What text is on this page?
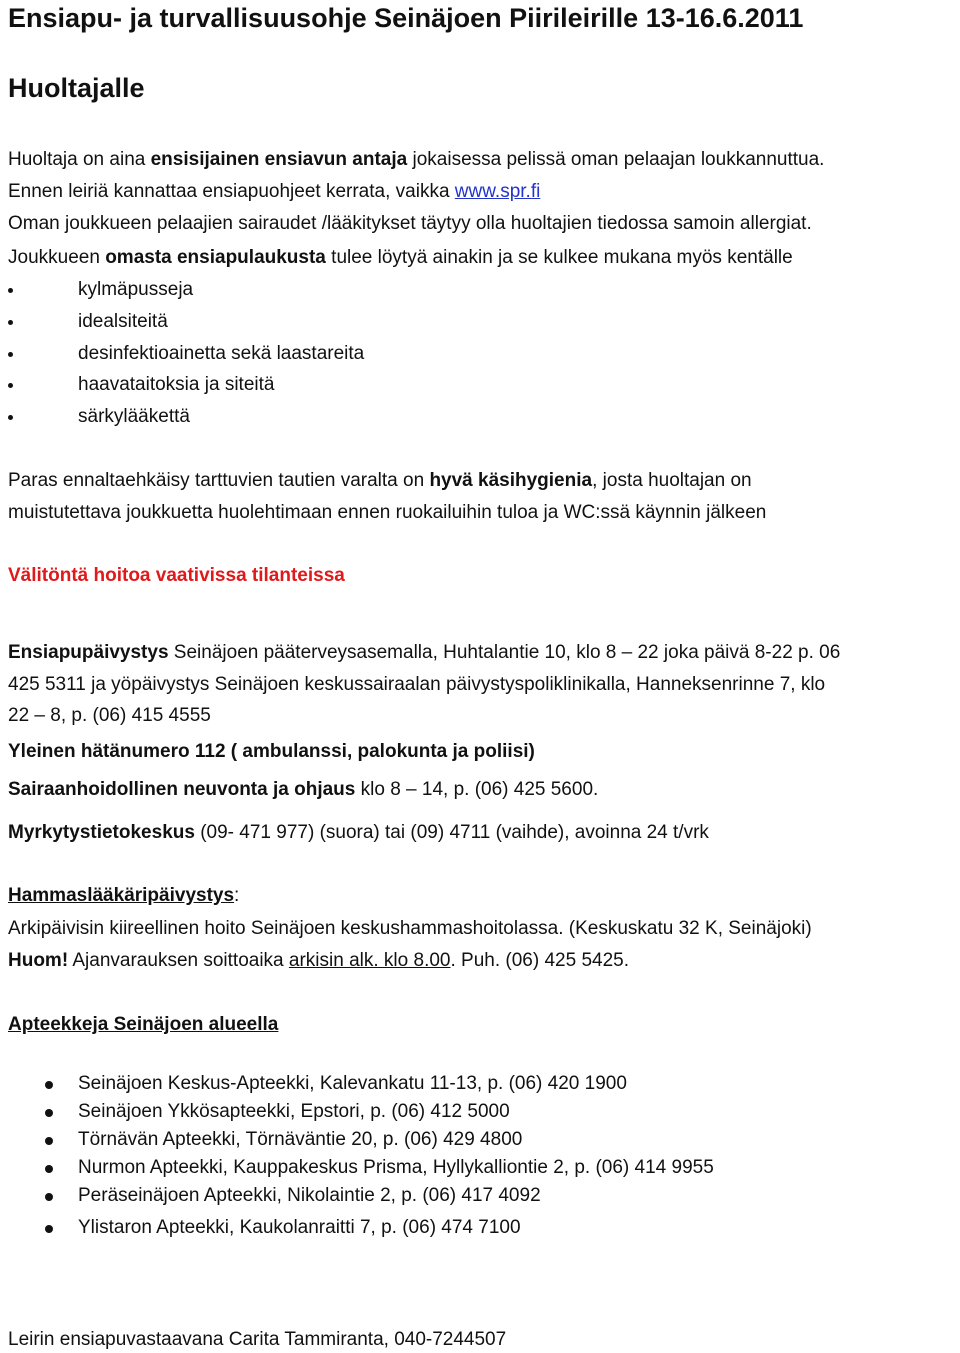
Ensiapu- ja turvallisuusohje Seinäjoen Piirileirille 13-16.6.2011
Huoltajalle
Huoltaja on aina ensisijainen ensiavun antaja jokaisessa pelissä oman pelaajan loukkannuttua.
Ennen leiriä kannattaa ensiapuohjeet kerrata, vaikka www.spr.fi
Oman joukkueen pelaajien sairaudet /lääkitykset täytyy olla huoltajien tiedossa samoin allergiat.
Joukkueen omasta ensiapulaukusta tulee löytyä ainakin ja se kulkee mukana myös kentälle
kylmäpusseja
idealsiteitä
desinfektioainetta sekä laastareita
haavataitoksia ja siteitä
särkylääkettä
Paras ennaltaehkäisy tarttuvien tautien varalta on hyvä käsihygienia, josta huoltajan on
muistutettava joukkuetta huolehtimaan ennen ruokailuihin tuloa ja WC:ssä käynnin jälkeen
Välitöntä hoitoa vaativissa tilanteissa
Ensiapupäivystys Seinäjoen pääterveysasemalla, Huhtalantie 10, klo 8 – 22 joka päivä 8-22 p. 06
425 5311 ja yöpäivystys Seinäjoen keskussairaalan päivystyspoliklinikalla, Hanneksenrinne 7, klo
22 – 8, p. (06) 415 4555
Yleinen hätänumero 112 ( ambulanssi, palokunta ja poliisi)
Sairaanhoidollinen neuvonta ja ohjaus klo 8 – 14, p. (06) 425 5600.
Myrkytystietokeskus (09- 471 977) (suora) tai (09) 4711 (vaihde), avoinna 24 t/vrk
Hammaslääkäripäivystys:
Arkipäivisin kiireellinen hoito Seinäjoen keskushammashoitolassa. (Keskuskatu 32 K, Seinäjoki)
Huom! Ajanvarauksen soittoaika arkisin alk. klo 8.00. Puh. (06) 425 5425.
Apteekkeja Seinäjoen alueella
Seinäjoen Keskus-Apteekki, Kalevankatu 11-13, p. (06) 420 1900
Seinäjoen Ykkösapteekki, Epstori, p. (06) 412 5000
Törnävän Apteekki, Törnäväntie 20, p. (06) 429 4800
Nurmon Apteekki, Kauppakeskus Prisma, Hyllykalliontie 2, p. (06) 414 9955
Peräseinäjoen Apteekki, Nikolaintie 2, p. (06) 417 4092
Ylistaron Apteekki, Kaukolanraitti 7, p. (06) 474 7100
Leirin ensiapuvastaavana Carita Tammiranta, 040-7244507
